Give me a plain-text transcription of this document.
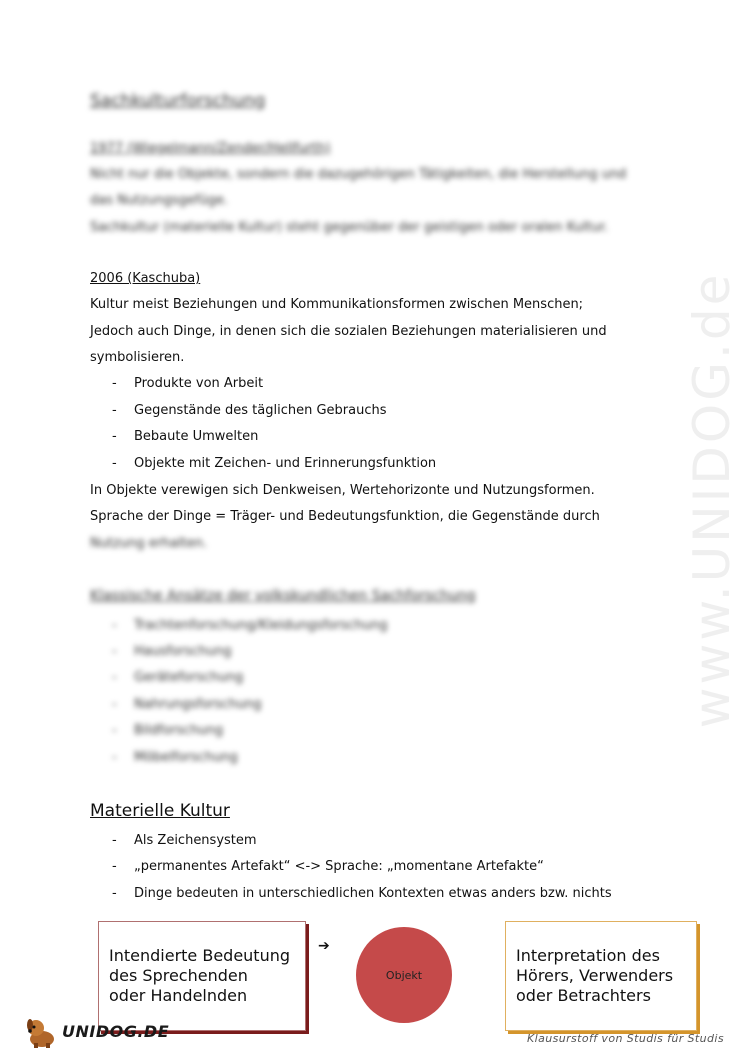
www.UNIDOG.de
Sachkulturforschung
1977 (Wiegelmann/Zender/Hellfurth)
Nicht nur die Objekte, sondern die dazugehörigen Tätigkeiten, die Herstellung und
das Nutzungsgefüge.
Sachkultur (materielle Kultur) steht gegenüber der geistigen oder oralen Kultur.
2006 (Kaschuba)
Kultur meist Beziehungen und Kommunikationsformen zwischen Menschen;
Jedoch auch Dinge, in denen sich die sozialen Beziehungen materialisieren und
symbolisieren.
- Produkte von Arbeit
- Gegenstände des täglichen Gebrauchs
- Bebaute Umwelten
- Objekte mit Zeichen- und Erinnerungsfunktion
In Objekte verewigen sich Denkweisen, Wertehorizonte und Nutzungsformen.
Sprache der Dinge = Träger- und Bedeutungsfunktion, die Gegenstände durch
Nutzung erhalten.
Klassische Ansätze der volkskundlichen Sachforschung
- Trachtenforschung/Kleidungsforschung
- Hausforschung
- Geräteforschung
- Nahrungsforschung
- Bildforschung
- Möbelforschung
Materielle Kultur
- Als Zeichensystem
- „permanentes Artefakt“ <-> Sprache: „momentane Artefakte“
- Dinge bedeuten in unterschiedlichen Kontexten etwas anders bzw. nichts
Intendierte Bedeutung
des Sprechenden
oder Handelnden
➔
Objekt
Interpretation des
Hörers, Verwenders
oder Betrachters
UNIDOG.DE	Klausurstoff von Studis für Studis
